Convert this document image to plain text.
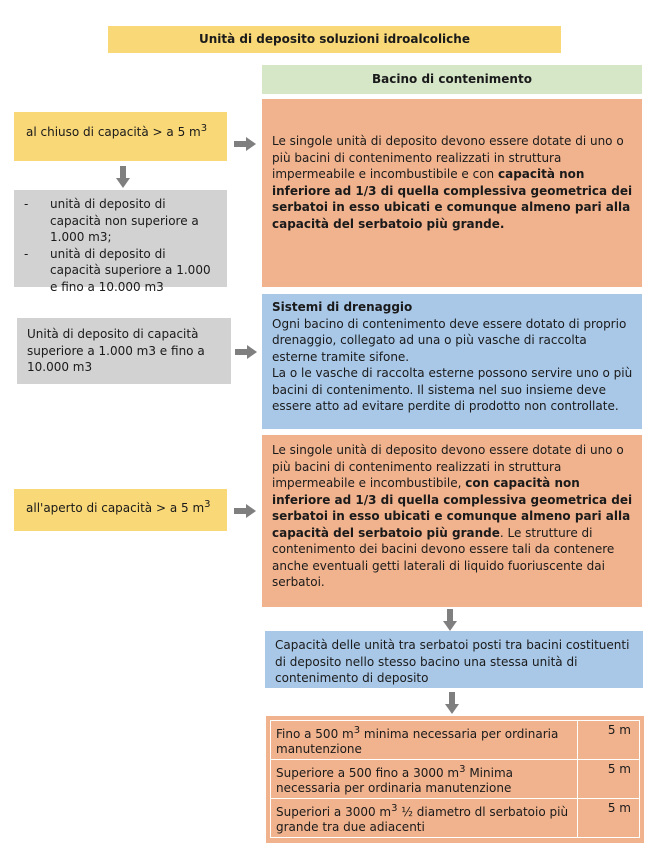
Unità di deposito soluzioni idroalcoliche
Bacino di contenimento
al chiuso di capacità > a 5 $m^3$
- unità di deposito di capacità non superiore a 1.000 m3;
- unità di deposito di capacità superiore a 1.000 e fino a 10.000 m3
Unità di deposito di capacità superiore a 1.000 m3 e fino a 10.000 m3
all'aperto di capacità > a 5 $m^3$
Le singole unità di deposito devono essere dotate di uno o più bacini di contenimento realizzati in struttura impermeabile e incombustibile e con capacità non inferiore ad 1/3 di quella complessiva geometrica dei serbatoi in esso ubicati e comunque almeno pari alla capacità del serbatoio più grande.
Sistemi di drenaggio
Ogni bacino di contenimento deve essere dotato di proprio drenaggio, collegato ad una o più vasche di raccolta esterne tramite sifone.
La o le vasche di raccolta esterne possono servire uno o più bacini di contenimento. Il sistema nel suo insieme deve essere atto ad evitare perdite di prodotto non controllate.
Le singole unità di deposito devono essere dotate di uno o più bacini di contenimento realizzati in struttura impermeabile e incombustibile, con capacità non inferiore ad 1/3 di quella complessiva geometrica dei serbatoi in esso ubicati e comunque almeno pari alla capacità del serbatoio più grande. Le strutture di contenimento dei bacini devono essere tali da contenere anche eventuali getti laterali di liquido fuoriuscente dai serbatoi.
Capacità delle unità tra serbatoi posti tra bacini costituenti di deposito nello stesso bacino una stessa unità di contenimento di deposito
Fino a 500 $m^3$ minima necessaria per ordinaria manutenzione	5 m
Superiore a 500 fino a 3000 $m^3$ Minima necessaria per ordinaria manutenzione	5 m
Superiori a 3000 $m^3$ ½ diametro dl serbatoio più grande tra due adiacenti	5 m
